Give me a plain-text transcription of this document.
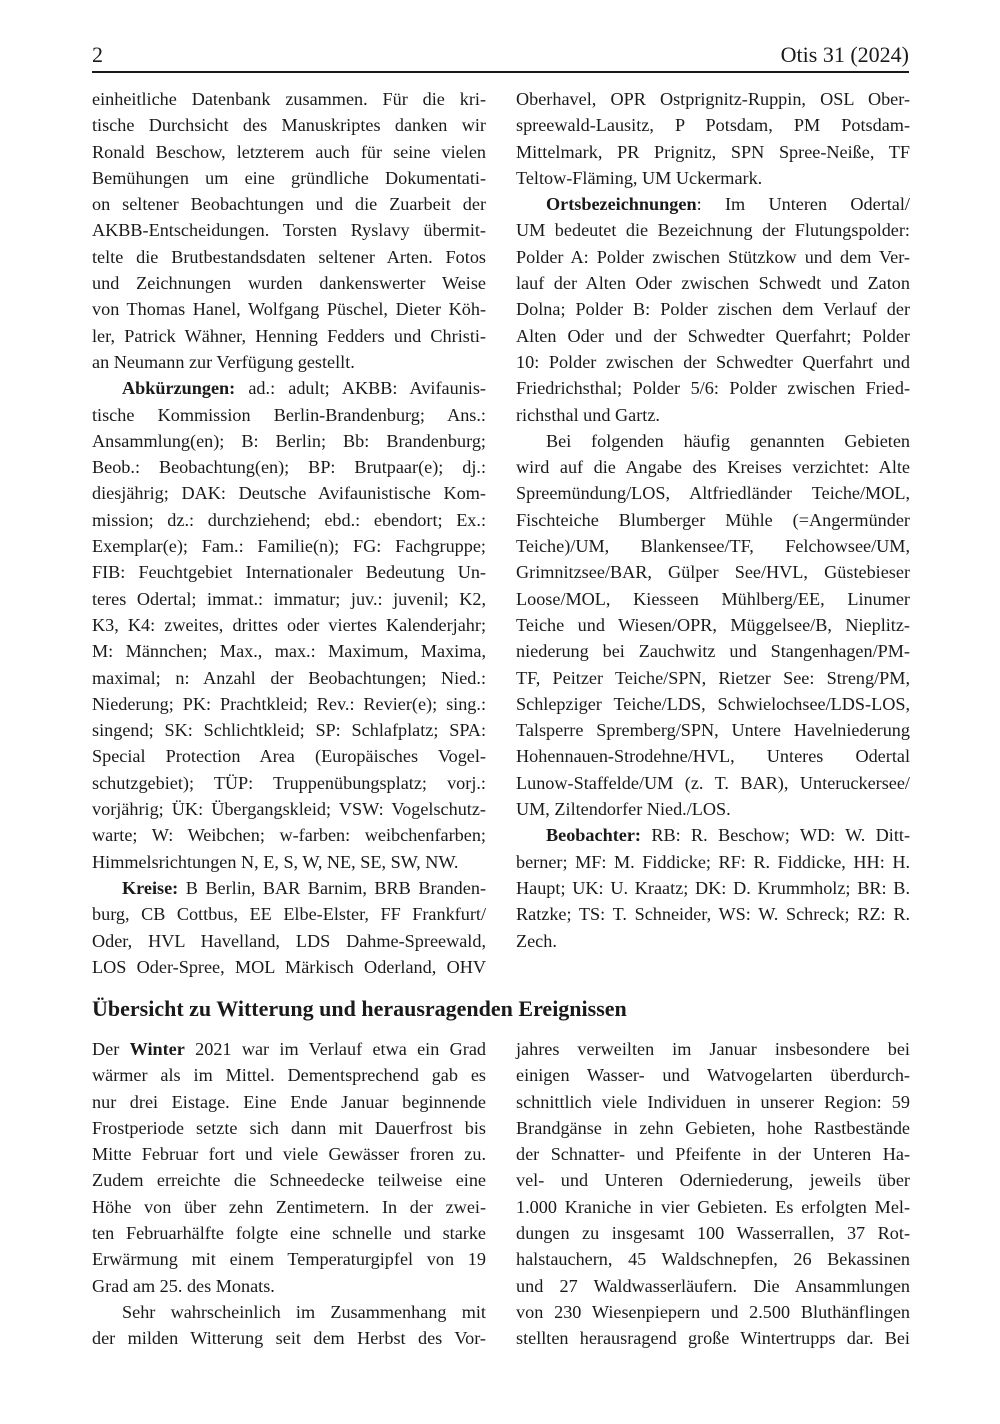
2	Otis 31 (2024)
einheitliche Datenbank zusammen. Für die kri-
tische Durchsicht des Manuskriptes danken wir
Ronald Beschow, letzterem auch für seine vielen
Bemühungen um eine gründliche Dokumentati-
on seltener Beobachtungen und die Zuarbeit der
AKBB-Entscheidungen. Torsten Ryslavy übermit-
telte die Brutbestandsdaten seltener Arten. Fotos
und Zeichnungen wurden dankenswerter Weise
von Thomas Hanel, Wolfgang Püschel, Dieter Köh-
ler, Patrick Wähner, Henning Fedders und Christi-
an Neumann zur Verfügung gestellt.
Abkürzungen: ad.: adult; AKBB: Avifaunis-
tische Kommission Berlin-Brandenburg; Ans.:
Ansammlung(en); B: Berlin; Bb: Brandenburg;
Beob.: Beobachtung(en); BP: Brutpaar(e); dj.:
diesjährig; DAK: Deutsche Avifaunistische Kom-
mission; dz.: durchziehend; ebd.: ebendort; Ex.:
Exemplar(e); Fam.: Familie(n); FG: Fachgruppe;
FIB: Feuchtgebiet Internationaler Bedeutung Un-
teres Odertal; immat.: immatur; juv.: juvenil; K2,
K3, K4: zweites, drittes oder viertes Kalenderjahr;
M: Männchen; Max., max.: Maximum, Maxima,
maximal; n: Anzahl der Beobachtungen; Nied.:
Niederung; PK: Prachtkleid; Rev.: Revier(e); sing.:
singend; SK: Schlichtkleid; SP: Schlafplatz; SPA:
Special Protection Area (Europäisches Vogel-
schutzgebiet); TÜP: Truppenübungsplatz; vorj.:
vorjährig; ÜK: Übergangskleid; VSW: Vogelschutz-
warte; W: Weibchen; w-farben: weibchenfarben;
Himmelsrichtungen N, E, S, W, NE, SE, SW, NW.
Kreise: B Berlin, BAR Barnim, BRB Branden-
burg, CB Cottbus, EE Elbe-Elster, FF Frankfurt/
Oder, HVL Havelland, LDS Dahme-Spreewald,
LOS Oder-Spree, MOL Märkisch Oderland, OHV
Oberhavel, OPR Ostprignitz-Ruppin, OSL Ober-
spreewald-Lausitz, P Potsdam, PM Potsdam-
Mittelmark, PR Prignitz, SPN Spree-Neiße, TF
Teltow-Fläming, UM Uckermark.
Ortsbezeichnungen: Im Unteren Odertal/
UM bedeutet die Bezeichnung der Flutungspolder:
Polder A: Polder zwischen Stützkow und dem Ver-
lauf der Alten Oder zwischen Schwedt und Zaton
Dolna; Polder B: Polder zischen dem Verlauf der
Alten Oder und der Schwedter Querfahrt; Polder
10: Polder zwischen der Schwedter Querfahrt und
Friedrichsthal; Polder 5/6: Polder zwischen Fried-
richsthal und Gartz.
Bei folgenden häufig genannten Gebieten
wird auf die Angabe des Kreises verzichtet: Alte
Spreemündung/LOS, Altfriedländer Teiche/MOL,
Fischteiche Blumberger Mühle (=Angermünder
Teiche)/UM, Blankensee/TF, Felchowsee/UM,
Grimnitzsee/BAR, Gülper See/HVL, Güstebieser
Loose/MOL, Kiesseen Mühlberg/EE, Linumer
Teiche und Wiesen/OPR, Müggelsee/B, Nieplitz-
niederung bei Zauchwitz und Stangenhagen/PM-
TF, Peitzer Teiche/SPN, Rietzer See: Streng/PM,
Schlepziger Teiche/LDS, Schwielochsee/LDS-LOS,
Talsperre Spremberg/SPN, Untere Havelniederung
Hohennauen-Strodehne/HVL, Unteres Odertal
Lunow-Staffelde/UM (z. T. BAR), Unteruckersee/
UM, Ziltendorfer Nied./LOS.
Beobachter: RB: R. Beschow; WD: W. Ditt-
berner; MF: M. Fiddicke; RF: R. Fiddicke, HH: H.
Haupt; UK: U. Kraatz; DK: D. Krummholz; BR: B.
Ratzke; TS: T. Schneider, WS: W. Schreck; RZ: R.
Zech.
Übersicht zu Witterung und herausragenden Ereignissen
Der Winter 2021 war im Verlauf etwa ein Grad
wärmer als im Mittel. Dementsprechend gab es
nur drei Eistage. Eine Ende Januar beginnende
Frostperiode setzte sich dann mit Dauerfrost bis
Mitte Februar fort und viele Gewässer froren zu.
Zudem erreichte die Schneedecke teilweise eine
Höhe von über zehn Zentimetern. In der zwei-
ten Februarhälfte folgte eine schnelle und starke
Erwärmung mit einem Temperaturgipfel von 19
Grad am 25. des Monats.
Sehr wahrscheinlich im Zusammenhang mit
der milden Witterung seit dem Herbst des Vor-
jahres verweilten im Januar insbesondere bei
einigen Wasser- und Watvogelarten überdurch-
schnittlich viele Individuen in unserer Region: 59
Brandgänse in zehn Gebieten, hohe Rastbestände
der Schnatter- und Pfeifente in der Unteren Ha-
vel- und Unteren Oderniederung, jeweils über
1.000 Kraniche in vier Gebieten. Es erfolgten Mel-
dungen zu insgesamt 100 Wasserrallen, 37 Rot-
halstauchern, 45 Waldschnepfen, 26 Bekassinen
und 27 Waldwasserläufern. Die Ansammlungen
von 230 Wiesenpiepern und 2.500 Bluthänflingen
stellten herausragend große Wintertrupps dar. Bei
